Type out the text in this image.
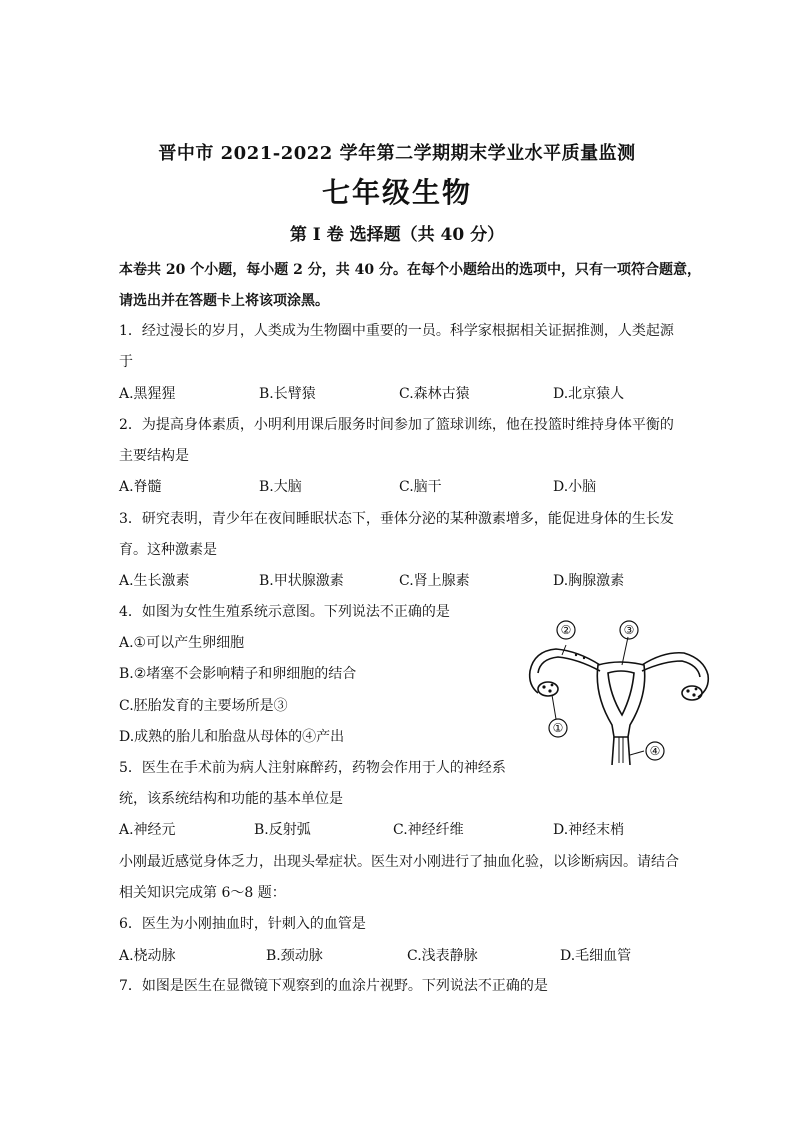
晋中市 2021-2022 学年第二学期期末学业水平质量监测
七年级生物
第 I 卷 选择题（共 40 分）
本卷共 20 个小题，每小题 2 分，共 40 分。在每个小题给出的选项中，只有一项符合题意，
请选出并在答题卡上将该项涂黑。
1．经过漫长的岁月，人类成为生物圈中重要的一员。科学家根据相关证据推测，人类起源
于
A.黑猩猩	B.长臂猿	C.森林古猿	D.北京猿人
2．为提高身体素质，小明利用课后服务时间参加了篮球训练，他在投篮时维持身体平衡的
主要结构是
A.脊髓	B.大脑	C.脑干	D.小脑
3．研究表明，青少年在夜间睡眠状态下，垂体分泌的某种激素增多，能促进身体的生长发
育。这种激素是
A.生长激素	B.甲状腺激素	C.肾上腺素	D.胸腺激素
4．如图为女性生殖系统示意图。下列说法不正确的是
A.①可以产生卵细胞
B.②堵塞不会影响精子和卵细胞的结合
C.胚胎发育的主要场所是③
D.成熟的胎儿和胎盘从母体的④产出
②	③
①
④
5．医生在手术前为病人注射麻醉药，药物会作用于人的神经系
统，该系统结构和功能的基本单位是
A.神经元	B.反射弧	C.神经纤维	D.神经末梢
小刚最近感觉身体乏力，出现头晕症状。医生对小刚进行了抽血化验，以诊断病因。请结合
相关知识完成第 6～8 题：
6．医生为小刚抽血时，针刺入的血管是
A.桡动脉	B.颈动脉	C.浅表静脉	D.毛细血管
7．如图是医生在显微镜下观察到的血涂片视野。下列说法不正确的是
